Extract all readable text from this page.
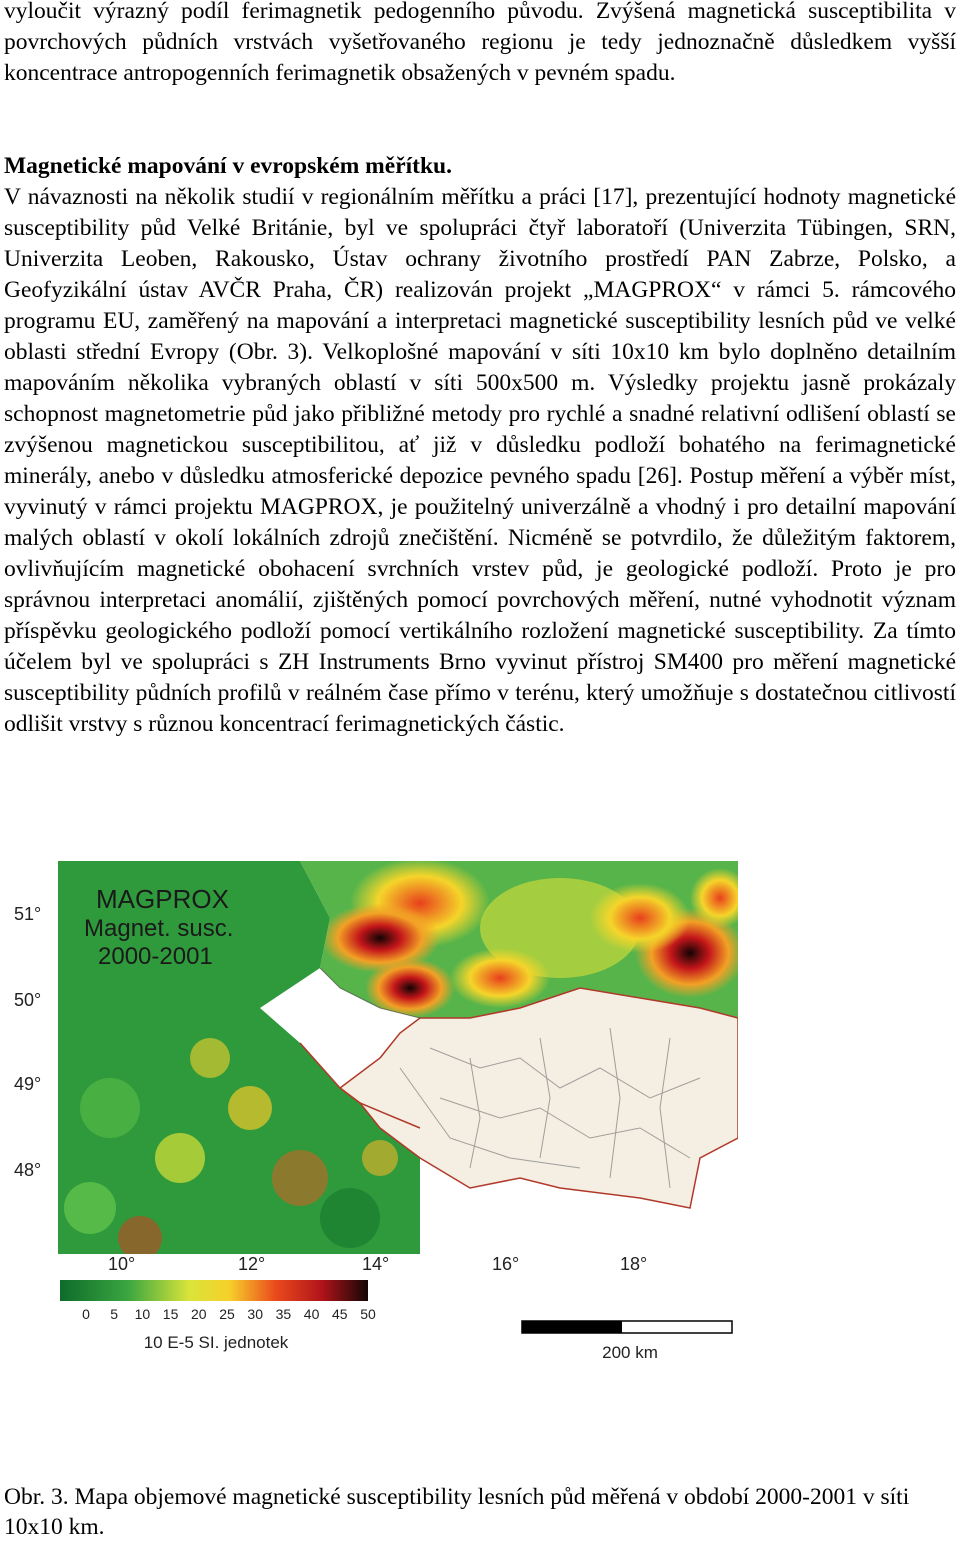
vyloučit výrazný podíl ferimagnetik pedogenního původu. Zvýšená magnetická susceptibilita v povrchových půdních vrstvách vyšetřovaného regionu je tedy jednoznačně důsledkem vyšší koncentrace antropogenních ferimagnetik obsažených v pevném spadu.

Magnetické mapování v evropském měřítku.

V návaznosti na několik studií v regionálním měřítku a práci [17], prezentující hodnoty magnetické susceptibility půd Velké Británie, byl ve spolupráci čtyř laboratoří (Univerzita Tübingen, SRN, Univerzita Leoben, Rakousko, Ústav ochrany životního prostředí PAN Zabrze, Polsko, a Geofyzikální ústav AVČR Praha, ČR) realizován projekt „MAGPROX“ v rámci 5. rámcového programu EU, zaměřený na mapování a interpretaci magnetické susceptibility lesních půd ve velké oblasti střední Evropy (Obr. 3). Velkoplošné mapování v síti 10x10 km bylo doplněno detailním mapováním několika vybraných oblastí v síti 500x500 m. Výsledky projektu jasně prokázaly schopnost magnetometrie půd jako přibližné metody pro rychlé a snadné relativní odlišení oblastí se zvýšenou magnetickou susceptibilitou, ať již v důsledku podloží bohatého na ferimagnetické minerály, anebo v důsledku atmosferické depozice pevného spadu [26]. Postup měření a výběr míst, vyvinutý v rámci projektu MAGPROX, je použitelný univerzálně a vhodný i pro detailní mapování malých oblastí v okolí lokálních zdrojů znečištění. Nicméně se potvrdilo, že důležitým faktorem, ovlivňujícím magnetické obohacení svrchních vrstev půd, je geologické podloží. Proto je pro správnou interpretaci anomálií, zjištěných pomocí povrchových měření, nutné vyhodnotit význam příspěvku geologického podloží pomocí vertikálního rozložení magnetické susceptibility. Za tímto účelem byl ve spolupráci s ZH Instruments Brno vyvinut přístroj SM400 pro měření magnetické susceptibility půdních profilů v reálném čase přímo v terénu, který umožňuje s dostatečnou citlivostí odlišit vrstvy s různou koncentrací ferimagnetických částic.

51°
50°
49°
48°
10°	12°	14°	16°	18°
MAGPROX
Magnet. susc.
2000-2001
0 5 10 15 20 25 30 35 40 45 50
10 E-5 SI. jednotek
200 km

Obr. 3. Mapa objemové magnetické susceptibility lesních půd měřená v období 2000-2001 v síti 10x10 km.
